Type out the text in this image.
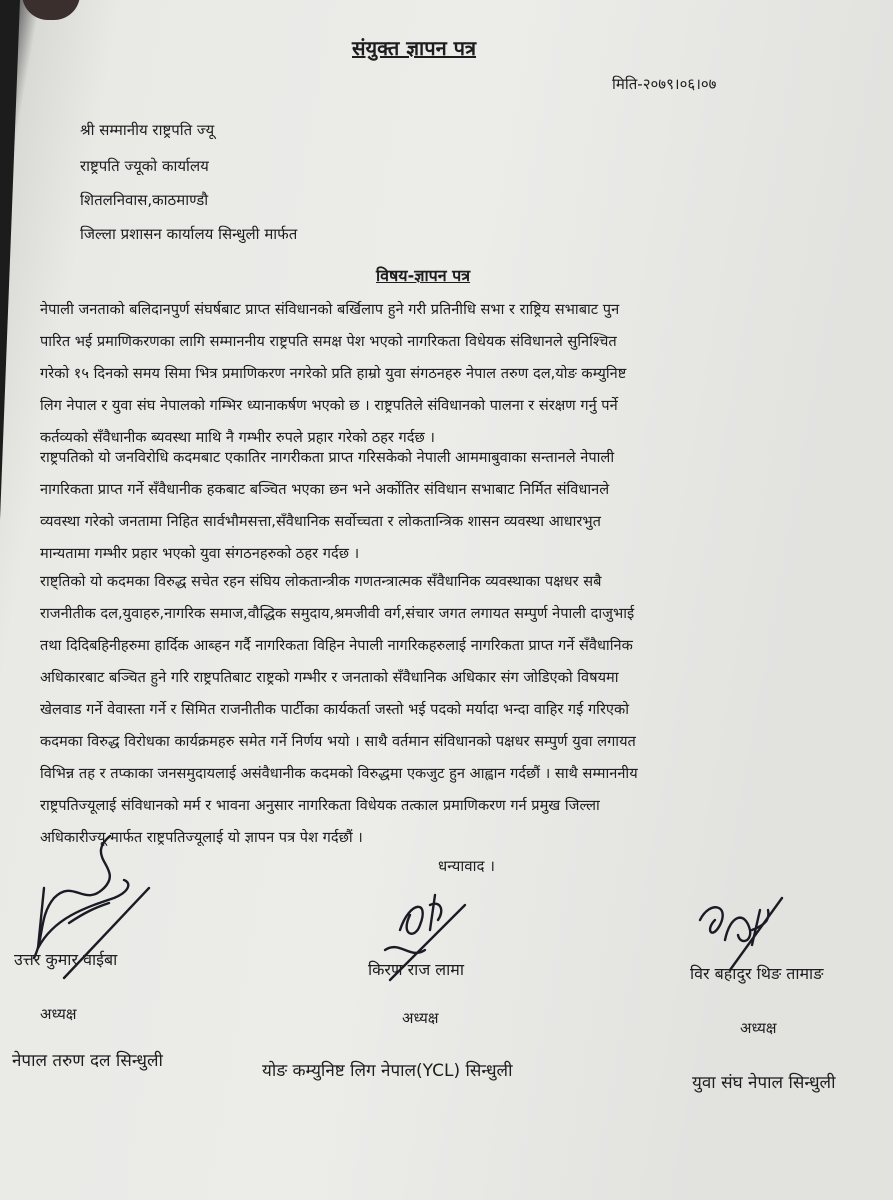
संयुक्त ज्ञापन पत्र
मिति-२०७९।०६।०७
श्री सम्मानीय राष्ट्रपति ज्यू
राष्ट्रपति ज्यूको कार्यालय
शितलनिवास,काठमाण्डौ
जिल्ला प्रशासन कार्यालय सिन्धुली मार्फत
विषय-ज्ञापन पत्र
नेपाली जनताको बलिदानपुर्ण संघर्षबाट प्राप्त संविधानको बर्खिलाप हुने गरी प्रतिनीधि सभा र राष्ट्रिय सभाबाट पुन
पारित भई प्रमाणिकरणका लागि सम्माननीय राष्ट्रपति समक्ष पेश भएको नागरिकता विधेयक संविधानले सुनिश्चित
गरेको १५ दिनको समय सिमा भित्र प्रमाणिकरण नगरेको प्रति हाम्रो युवा संगठनहरु नेपाल तरुण दल,योङ कम्युनिष्ट
लिग नेपाल र युवा संघ नेपालको गम्भिर ध्यानाकर्षण भएको छ । राष्ट्रपतिले संविधानको पालना र संरक्षण गर्नु पर्ने
कर्तव्यको सँवैधानीक ब्यवस्था माथि नै गम्भीर रुपले प्रहार गरेको ठहर गर्दछ ।
राष्ट्रपतिको यो जनविरोधि कदमबाट एकातिर नागरीकता प्राप्त गरिसकेको नेपाली आममाबुवाका सन्तानले नेपाली
नागरिकता प्राप्त गर्ने सँवैधानीक हकबाट बञ्चित भएका छन भने अर्कोतिर संविधान सभाबाट निर्मित संविधानले
व्यवस्था गरेको जनतामा निहित सार्वभौमसत्ता,सँवैधानिक सर्वोच्चता र लोकतान्त्रिक शासन व्यवस्था आधारभुत
मान्यतामा गम्भीर प्रहार भएको युवा संगठनहरुको ठहर गर्दछ ।
राष्ट्तिको यो कदमका विरुद्ध सचेत रहन संघिय लोकतान्त्रीक गणतन्त्रात्मक सँवैधानिक व्यवस्थाका पक्षधर सबै
राजनीतीक दल,युवाहरु,नागरिक समाज,वौद्धिक समुदाय,श्रमजीवी वर्ग,संचार जगत लगायत सम्पुर्ण नेपाली दाजुभाई
तथा दिदिबहिनीहरुमा हार्दिक आब्हन गर्दै नागरिकता विहिन नेपाली नागरिकहरुलाई नागरिकता प्राप्त गर्ने सँवैधानिक
अधिकारबाट बञ्चित हुने गरि राष्ट्रपतिबाट राष्ट्रको गम्भीर र जनताको सँवैधानिक अधिकार संग जोडिएको विषयमा
खेलवाड गर्ने वेवास्ता गर्ने र सिमित राजनीतीक पार्टीका कार्यकर्ता जस्तो भई पदको मर्यादा भन्दा वाहिर गई गरिएको
कदमका विरुद्ध विरोधका कार्यक्रमहरु समेत गर्ने निर्णय भयो । साथै वर्तमान संविधानको पक्षधर सम्पुर्ण युवा लगायत
विभिन्न तह र तप्काका जनसमुदायलाई असंवैधानीक कदमको विरुद्धमा एकजुट हुन आह्वान गर्दछौं । साथै सम्माननीय
राष्ट्रपतिज्यूलाई संविधानको मर्म र भावना अनुसार नागरिकता विधेयक तत्काल प्रमाणिकरण गर्न प्रमुख जिल्ला
अधिकारीज्यू मार्फत राष्ट्रपतिज्यूलाई यो ज्ञापन पत्र पेश गर्दछौं ।
धन्यावाद ।
उत्तर कुमार वाईबा
अध्यक्ष
नेपाल तरुण दल सिन्धुली
किरण राज लामा
अध्यक्ष
योङ कम्युनिष्ट लिग नेपाल(YCL) सिन्धुली
विर बहादुर थिङ तामाङ
अध्यक्ष
युवा संघ नेपाल सिन्धुली
